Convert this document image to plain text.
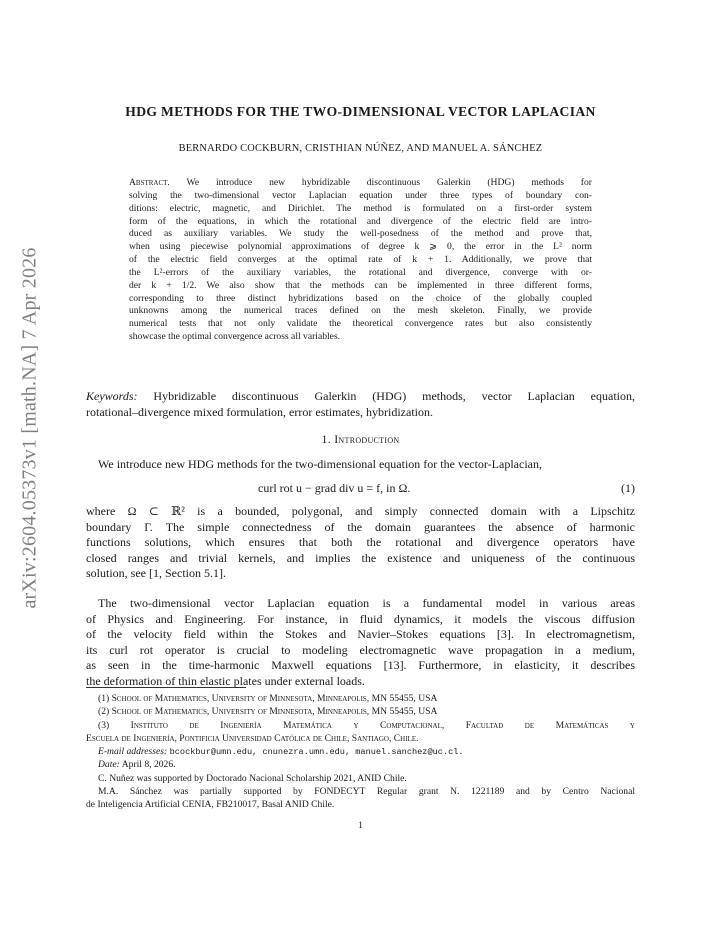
arXiv:2604.05373v1 [math.NA] 7 Apr 2026
HDG METHODS FOR THE TWO-DIMENSIONAL VECTOR LAPLACIAN
BERNARDO COCKBURN, CRISTHIAN NÚÑEZ, AND MANUEL A. SÁNCHEZ
Abstract. We introduce new hybridizable discontinuous Galerkin (HDG) methods for
solving the two-dimensional vector Laplacian equation under three types of boundary con-
ditions: electric, magnetic, and Dirichlet. The method is formulated on a first-order system
form of the equations, in which the rotational and divergence of the electric field are intro-
duced as auxiliary variables. We study the well-posedness of the method and prove that,
when using piecewise polynomial approximations of degree k ⩾ 0, the error in the L² norm
of the electric field converges at the optimal rate of k + 1. Additionally, we prove that
the L²-errors of the auxiliary variables, the rotational and divergence, converge with or-
der k + 1/2. We also show that the methods can be implemented in three different forms,
corresponding to three distinct hybridizations based on the choice of the globally coupled
unknowns among the numerical traces defined on the mesh skeleton. Finally, we provide
numerical tests that not only validate the theoretical convergence rates but also consistently
showcase the optimal convergence across all variables.
Keywords: Hybridizable discontinuous Galerkin (HDG) methods, vector Laplacian equation,
rotational–divergence mixed formulation, error estimates, hybridization.
1. Introduction
We introduce new HDG methods for the two-dimensional equation for the vector-Laplacian,
curl rot u − grad div u = f, in Ω.	(1)
where Ω ⊂ ℝ² is a bounded, polygonal, and simply connected domain with a Lipschitz
boundary Γ. The simple connectedness of the domain guarantees the absence of harmonic
functions solutions, which ensures that both the rotational and divergence operators have
closed ranges and trivial kernels, and implies the existence and uniqueness of the continuous
solution, see [1, Section 5.1].
The two-dimensional vector Laplacian equation is a fundamental model in various areas
of Physics and Engineering. For instance, in fluid dynamics, it models the viscous diffusion
of the velocity field within the Stokes and Navier–Stokes equations [3]. In electromagnetism,
its curl rot operator is crucial to modeling electromagnetic wave propagation in a medium,
as seen in the time-harmonic Maxwell equations [13]. Furthermore, in elasticity, it describes
the deformation of thin elastic plates under external loads.
(1) School of Mathematics, University of Minnesota, Minneapolis, MN 55455, USA
(2) School of Mathematics, University of Minnesota, Minneapolis, MN 55455, USA
(3) Instituto de Ingeniería Matemática y Computacional, Facultad de Matemáticas y
Escuela de Ingeniería, Pontificia Universidad Católica de Chile, Santiago, Chile.
E-mail addresses: bcockbur@umn.edu, cnunezra.umn.edu, manuel.sanchez@uc.cl.
Date: April 8, 2026.
C. Nuñez was supported by Doctorado Nacional Scholarship 2021, ANID Chile.
M.A. Sánchez was partially supported by FONDECYT Regular grant N. 1221189 and by Centro Nacional
de Inteligencia Artificial CENIA, FB210017, Basal ANID Chile.
1
